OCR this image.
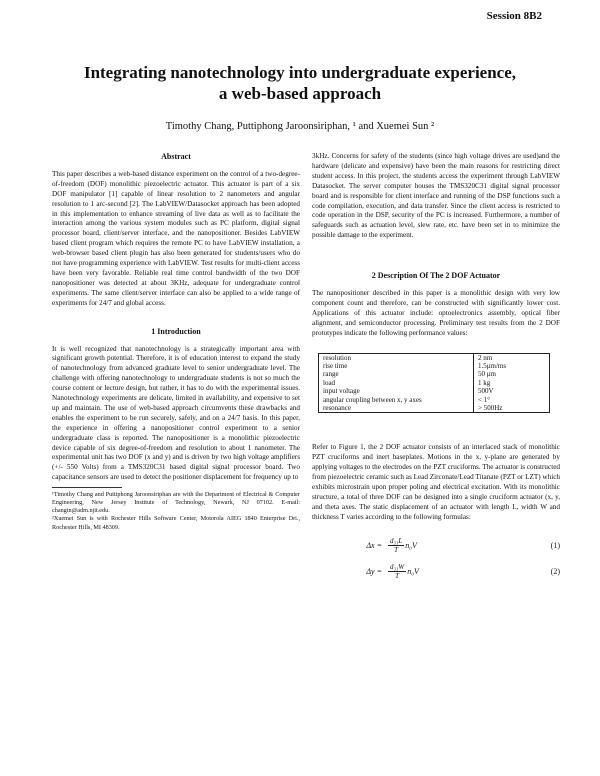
Session 8B2
Integrating nanotechnology into undergraduate experience,
a web-based approach
Timothy Chang, Puttiphong Jaroonsiriphan, ¹ and Xuemei Sun ²
Abstract

This paper describes a web-based distance experiment on the control of a two-degree-of-freedom (DOF) monolithic piezoelectric actuator. This actuator is part of a six DOF manipulator [1] capable of linear resolution to 2 nanometers and angular resolution to 1 arc-second [2]. The LabVIEW/Datasocket approach has been adopted in this implementation to enhance streaming of live data as well as to facilitate the interaction among the various system modules such as PC platform, digital signal processor board, client/server interface, and the nanopositioner. Besides LabVIEW based client program which requires the remote PC to have LabVIEW installation, a web-browser based client plugin has also been generated for students/users who do not have programming experience with LabVIEW. Test results for multi-client access have been very favorable. Reliable real time control bandwidth of the two DOF nanopositioner was detected at about 3KHz, adequate for undergraduate control experiments. The same client/server interface can also be applied to a wide range of experiments for 24/7 and global access.

1 Introduction

It is well recognized that nanotechnology is a strategically important area with significant growth potential. Therefore, it is of education interest to expand the study of nanotechnology from advanced graduate level to senior undergraduate level. The challenge with offering nanotechnology to undergraduate students is not so much the course content or lecture design, but rather, it has to do with the experimental issues. Nanotechnology experiments are delicate, limited in availability, and expensive to set up and maintain. The use of web-based approach circumvents these drawbacks and enables the experiment to be run securely, safely, and on a 24/7 basis. In this paper, the experience in offering a nanopositioner control experiment to a senior undergraduate class is reported. The nanopositioner is a monolithic piezoelectric device capable of six degree-of-freedom and resolution to about 1 nanometer. The experimental unit has two DOF (x and y) and is driven by two high voltage amplifiers (+/- 550 Volts) from a TMS320C31 based digital signal processor board. Two capacitance sensors are used to detect the positioner displacement for frequency up to

¹Timothy Chang and Puttiphong Jaroonsiriphan are with the Department of Electrical & Computer Engineering, New Jersey Institute of Technology, Newark, NJ 07102. E-mail: changtn@adm.njit.edu.

²Xuemei Sun is with Rochester Hills Software Center, Motorola AIEG 1840 Enterprise Dri., Rochester Hills, MI 48309.

3kHz. Concerns for safety of the students (since high voltage drives are used)and the hardware (delicate and expensive) have been the main reasons for restricting direct student access. In this project, the students access the experiment through LabVIEW Datasocket. The server computer houses the TMS320C31 digital signal processor board and is responsible for client interface and running of the DSP functions such a code compilation, execution, and data transfer. Since the client access is restricted to code operation in the DSP, security of the PC is increased. Furthermore, a number of safeguards such as actuation level, slew rate, etc. have been set in to minimize the possible damage to the experiment.

2 Description Of The 2 DOF Actuator

The nanopositioner described in this paper is a monolithic design with very low component count and therefore, can be constructed with significantly lower cost. Applications of this actuator include: optoelectronics assembly, optical fiber alignment, and semiconductor processing. Preliminary test results from the 2 DOF prototypes indicate the following performance values:

resolution	2 nm
rise time	1.5μm/ms
range	50 μm
load	1 kg
input voltage	500V
angular coupling between x, y axes	< 1°
resonance	> 500Hz

Refer to Figure 1, the 2 DOF actuator consists of an interlaced stack of monolithic PZT cruciforms and inert baseplates. Motions in the x, y-plane are generated by applying voltages to the electrodes on the PZT cruciforms. The actuator is constructed from piezoelectric ceramic such as Lead Zirconate/Lead Titanate (PZT or LZT) which exhibits microstrain upon proper poling and electrical excitation. With its monolithic structure, a total of three DOF can be designed into a single cruciform actuator (x, y, and theta axes. The static displacement of an actuator with length L, width W and thickness T varies according to the following formulas:

$\Delta x = \frac{\text{d₃₁L}}{T} n_0V$	(1)
$\Delta y = \frac{\text{d₃₁W}}{T} n_0V$	(2)
